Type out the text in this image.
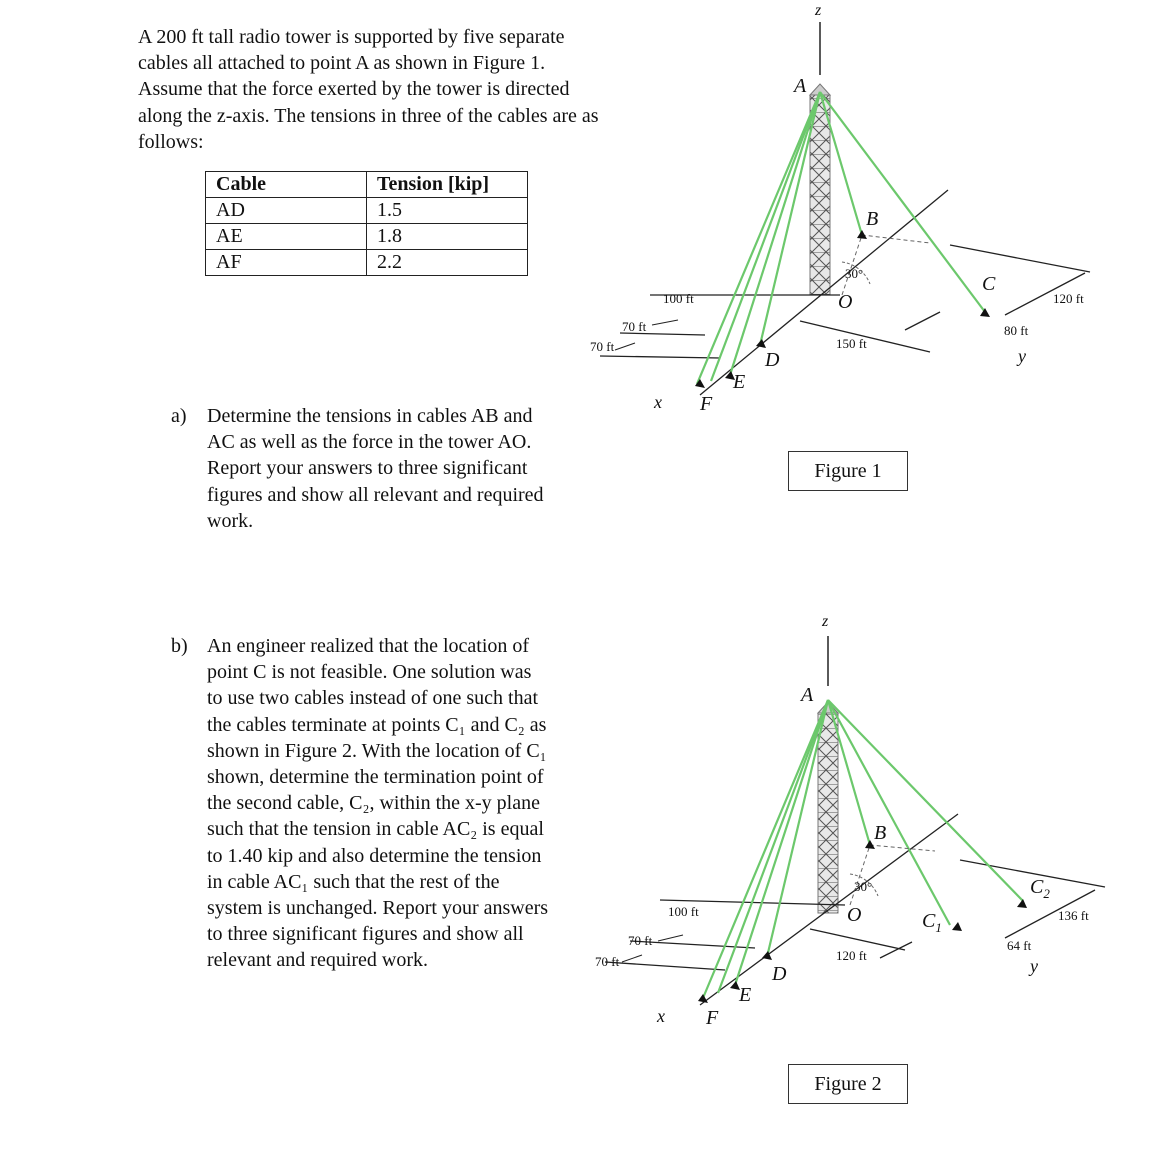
A 200 ft tall radio tower is supported by five separate
cables all attached to point A as shown in Figure 1.
Assume that the force exerted by the tower is directed
along the z-axis. The tensions in three of the cables are as
follows:
Cable	Tension [kip]
AD	1.5
AE	1.8
AF	2.2
a) Determine the tensions in cables AB and
AC as well as the force in the tower AO.
Report your answers to three significant
figures and show all relevant and required
work.
b) An engineer realized that the location of
point C is not feasible. One solution was
to use two cables instead of one such that
the cables terminate at points C₁ and C₂ as
shown in Figure 2. With the location of C₁
shown, determine the termination point of
the second cable, C₂, within the x-y plane
such that the tension in cable AC₂ is equal
to 1.40 kip and also determine the tension
in cable AC₁ such that the rest of the
system is unchanged. Report your answers
to three significant figures and show all
relevant and required work.
z
A
B
C
D
E
F
O
x
y
30°
100 ft
70 ft
70 ft	150 ft
80 ft
120 ft
z
A
B
$C_1$
$C_2$
D
E
F
O
x
y
30°
100 ft
70 ft
70 ft	120 ft
64 ft
136 ft
Figure 1
Figure 2
